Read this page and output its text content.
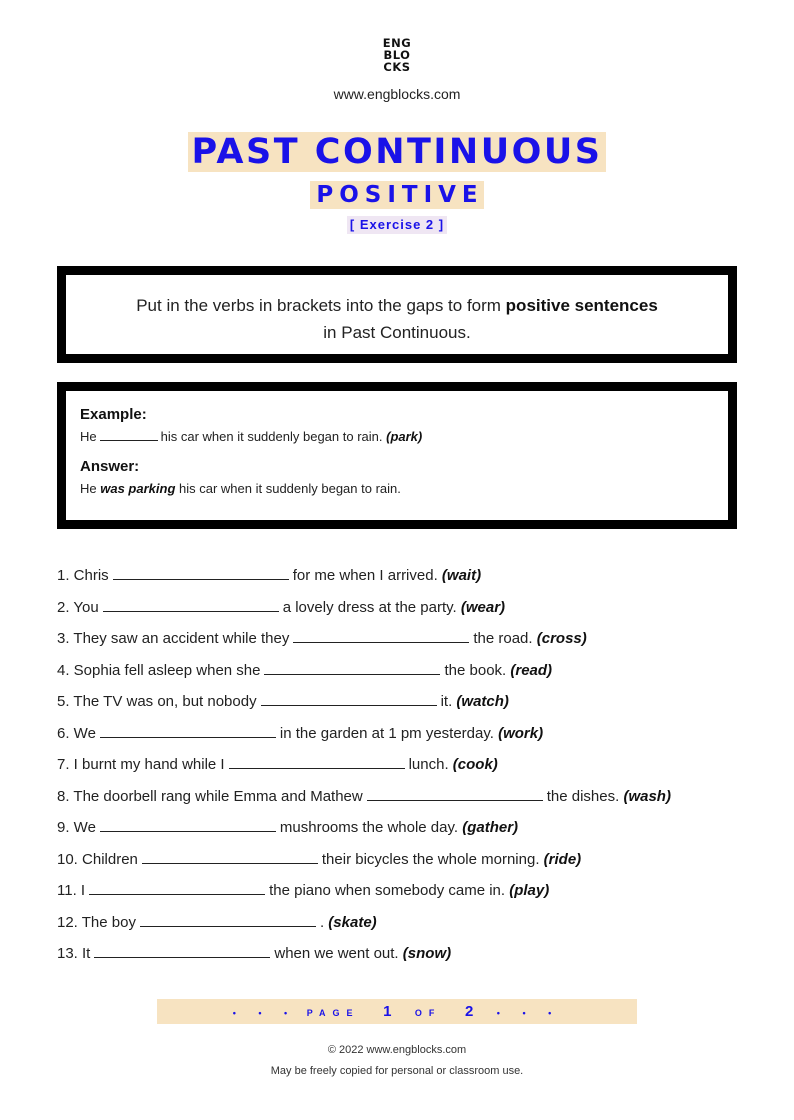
ENG
BLO
CKS
www.engblocks.com
PAST CONTINUOUS
POSITIVE
[ Exercise 2 ]
Put in the verbs in brackets into the gaps to form positive sentences
in Past Continuous.
Example:
He	his car when it suddenly began to rain. (park)
Answer:
He was parking his car when it suddenly began to rain.
1. Chris	for me when I arrived. (wait)
2. You	a lovely dress at the party. (wear)
3. They saw an accident while they	the road. (cross)
4. Sophia fell asleep when she	the book. (read)
5. The TV was on, but nobody	it. (watch)
6. We	in the garden at 1 pm yesterday. (work)
7. I burnt my hand while I	lunch. (cook)
8. The doorbell rang while Emma and Mathew	the dishes. (wash)
9. We	mushrooms the whole day. (gather)
10. Children	their bicycles the whole morning. (ride)
11. I	the piano when somebody came in. (play)
12. The boy	. (skate)
13. It	when we went out. (snow)
• • • PAGE 1	OF 2	• • •
© 2022 www.engblocks.com
May be freely copied for personal or classroom use.
